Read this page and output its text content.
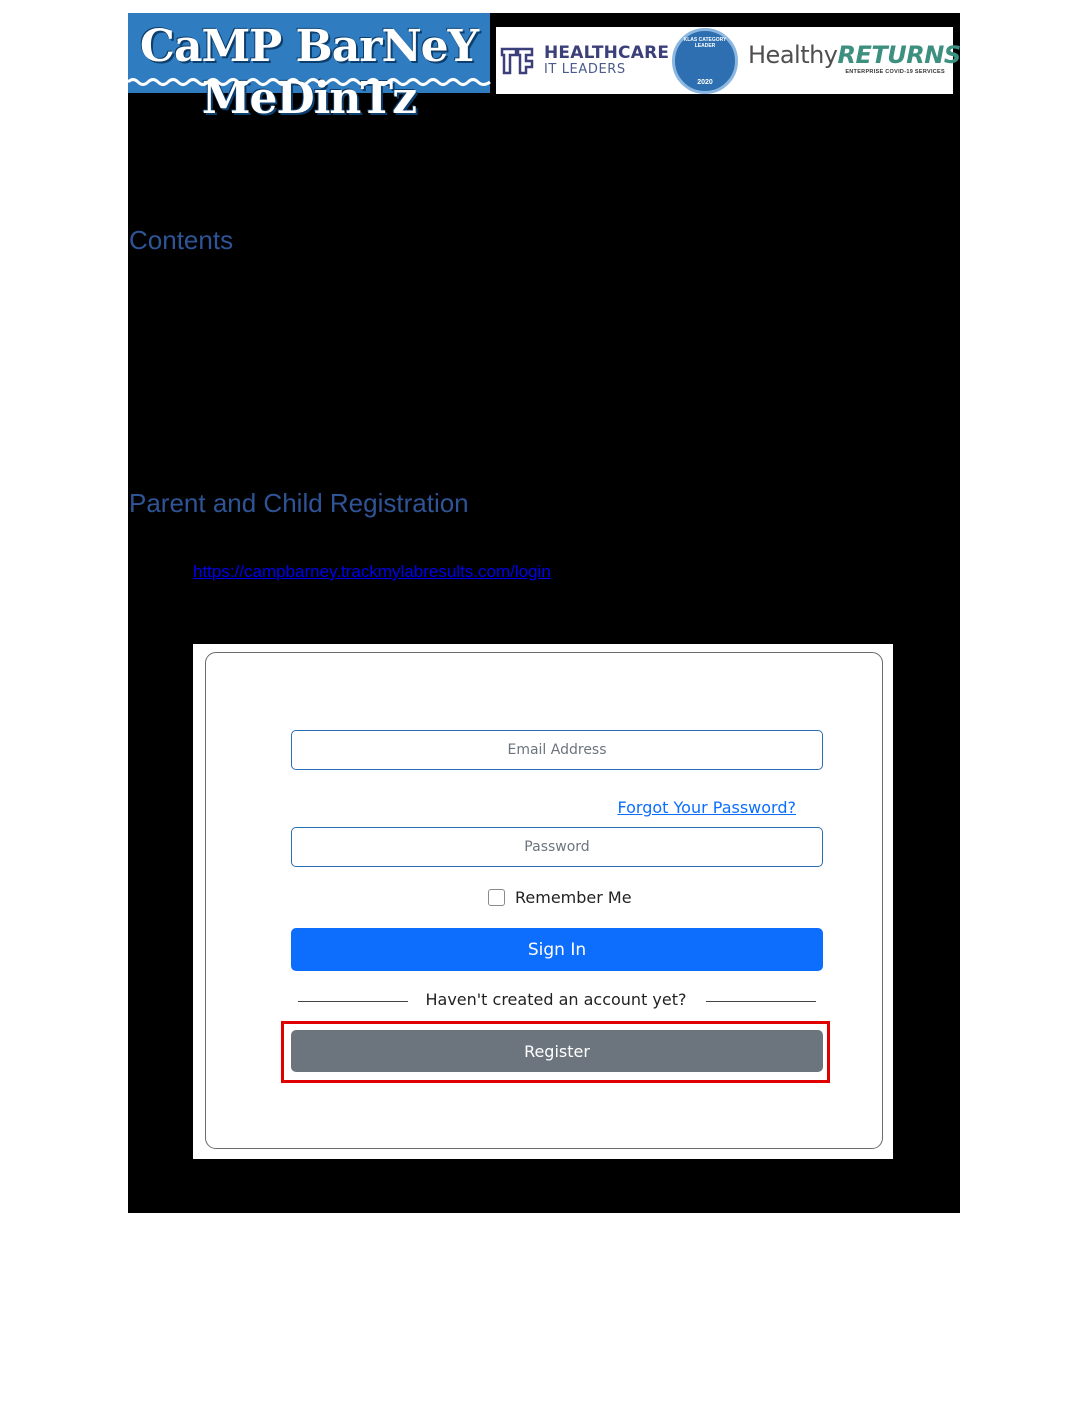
CaMP BarNeY MeDinTz
HEALTHCARE
IT LEADERS
KLAS CATEGORY LEADER
2020
HealthyRETURNS
ENTERPRISE COVID-19 SERVICES
Contents
Parent and Child Registration
https://campbarney.trackmylabresults.com/login
Email Address
Forgot Your Password?
Remember Me
Sign In
Haven't created an account yet?
Register
